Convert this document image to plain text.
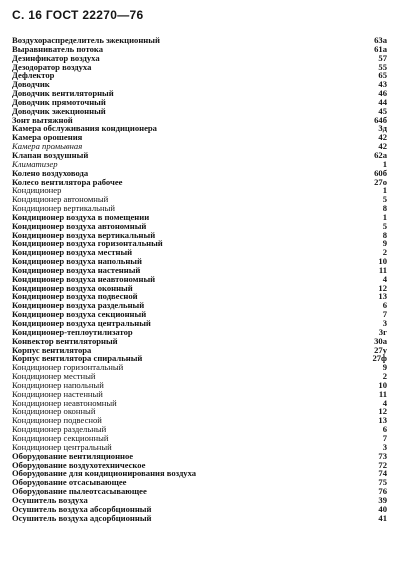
С. 16 ГОСТ 22270—76
Воздухораспределитель эжекционный	63а
Выравниватель потока	61а
Дезинфикатор воздуха	57
Дезодоратор воздуха	55
Дефлектор	65
Доводчик	43
Доводчик вентиляторный	46
Доводчик прямоточный	44
Доводчик эжекционный	45
Зонт вытяжной	64б
Камера обслуживания кондиционера	3д
Камера орошения	42
Камера промывная	42
Клапан воздушный	62а
Климатизер	1
Колено воздуховода	60б
Колесо вентилятора рабочее	27о
Кондиционер	1
Кондиционер автономный	5
Кондиционер вертикальный	8
Кондиционер воздуха в помещении	1
Кондиционер воздуха автономный	5
Кондиционер воздуха вертикальный	8
Кондиционер воздуха горизонтальный	9
Кондиционер воздуха местный	2
Кондиционер воздуха напольный	10
Кондиционер воздуха настенный	11
Кондиционер воздуха неавтономный	4
Кондиционер воздуха оконный	12
Кондиционер воздуха подвесной	13
Кондиционер воздуха раздельный	6
Кондиционер воздуха секционный	7
Кондиционер воздуха центральный	3
Кондиционер-теплоутилизатор	3г
Конвектор вентиляторный	30а
Корпус вентилятора	27у
Корпус вентилятора спиральный	27ф
Кондиционер горизонтальный	9
Кондиционер местный	2
Кондиционер напольный	10
Кондиционер настенный	11
Кондиционер неавтономный	4
Кондиционер оконный	12
Кондиционер подвесной	13
Кондиционер раздельный	6
Кондиционер секционный	7
Кондиционер центральный	3
Оборудование вентиляционное	73
Оборудование воздухотехническое	72
Оборудование для кондиционирования воздуха	74
Оборудование отсасывающее	75
Оборудование пылеотсасывающее	76
Осушитель воздуха	39
Осушитель воздуха абсорбционный	40
Осушитель воздуха адсорбционный	41
